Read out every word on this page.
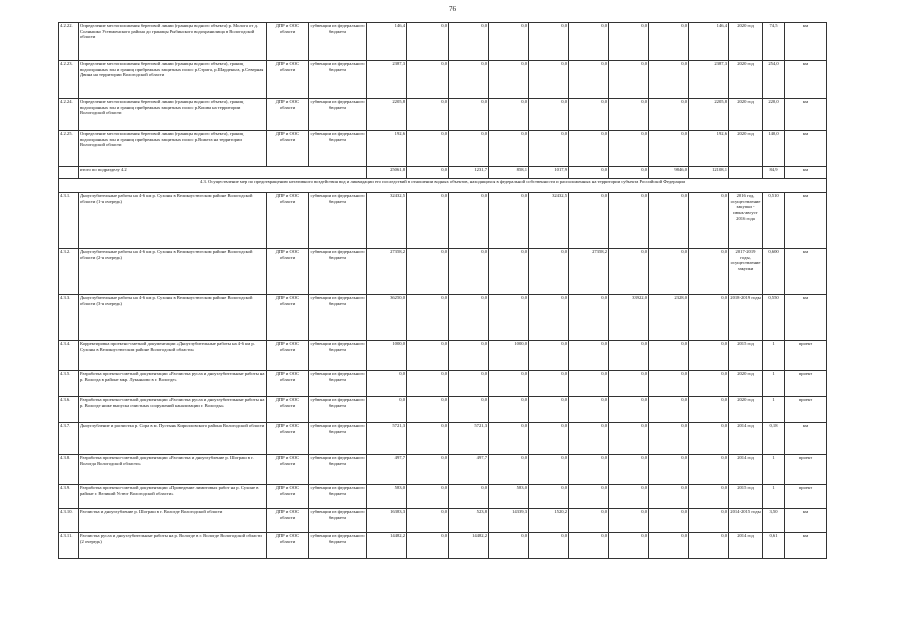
76
4.2.22.	Определение местоположения береговой линии (границы водного объекта) р. Молога от д. Солнышко Устюженского района до границы Рыбинского водохранилища в Вологодской области	ДПР и ООС области	субвенции из федерального бюджета	146,4	0,0	0,0	0,0	0,0	0,0	0,0	0,0	146,4	2020 год	74,5	км
4.2.23.	Определение местоположения береговой линии (границы водного объекта), границ водоохранных зон и границ прибрежных защитных полос р.Стрига, р.Шарденьга, р.Северная Двина на территории Вологодской области	ДПР и ООС области	субвенции из федерального бюджета	2387,3	0,0	0,0	0,0	0,0	0,0	0,0	0,0	2387,3	2020 год	254,0	км
4.2.24.	Определение местоположения береговой линии (границы водного объекта), границ водоохранных зон и границ прибрежных защитных полос р.Кошва на территории Вологодской области	ДПР и ООС области	субвенции из федерального бюджета	2205,8	0,0	0,0	0,0	0,0	0,0	0,0	0,0	2205,8	2020 год	220,0	км
4.2.25.	Определение местоположения береговой линии (границы водного объекта), границ водоохранных зон и границ прибрежных защитных полос р.Вожега на территории Вологодской области	ДПР и ООС области	субвенции из федерального бюджета	192,6	0,0	0,0	0,0	0,0	0,0	0,0	0,0	192,6	2020 год	140,0	км
	итого по подразделу 4.2			25061,8	0,0	1231,7	858,1	1017,9	0,0	0,0	9846,0	12108,1		84,9	км
4.3. Осуществление мер по предотвращению негативного воздействия вод и ликвидации его последствий в отношении водных объектов, находящихся в федеральной собственности и расположенных на территории субъекта Российской Федерации															
4.3.1.	Дноуглубительные работы на 4-6 км р. Сухоны в Великоустюгском районе Вологодской области (1-я очередь)	ДПР и ООС области	субвенции из федерального бюджета	32432,5	0,0	0,0	0,0	32432,5	0,0	0,0	0,0	0,0	2016 год, осуществление закупки - июнь-август 2016 года	0,510	км
4.3.2.	Дноуглубительные работы на 4-6 км р. Сухоны в Великоустюгском районе Вологодской области (2-я очередь)	ДПР и ООС области	субвенции из федерального бюджета	27358,2	0,0	0,0	0,0	0,0	27358,2	0,0	0,0	0,0	2017-2019 годы, осуществление закупки	0,600	км
4.3.3.	Дноуглубительные работы на 4-6 км р. Сухоны в Великоустюгском районе Вологодской области (3-я очередь)	ДПР и ООС области	субвенции из федерального бюджета	36250,0	0,0	0,0	0,0	0,0	0,0	33922,0	2328,0	0,0	2018-2019 годы	0,550	км
4.3.4.	Корректировка проектно-сметной документации «Дноуглубительные работы на 4-6 км р. Сухоны в Великоустюгском районе Вологодской области»	ДПР и ООС области	субвенции из федерального бюджета	1000,0	0,0	0,0	1000,0	0,0	0,0	0,0	0,0	0,0	2015 год	1	проект
4.3.5.	Разработка проектно-сметной документации «Расчистка русла и дноуглубительные работы на р. Вологда в районе мкр. Лукьяново в г. Вологде»	ДПР и ООС области	субвенции из федерального бюджета	0,0	0,0	0,0	0,0	0,0	0,0	0,0	0,0	0,0	2020 год	1	проект
4.3.6.	Разработка проектно-сметной документации «Расчистка русла и дноуглубительные работы на р. Вологде ниже выпуска очистных сооружений канализации г. Вологды»	ДПР и ООС области	субвенции из федерального бюджета	0,0	0,0	0,0	0,0	0,0	0,0	0,0	0,0	0,0	2020 год	1	проект
4.3.7.	Дноуглубление и расчистка р. Сора в м. Пустынь Кирилловского района Вологодской области	ДПР и ООС области	субвенции из федерального бюджета	5721,3	0,0	5721,3	0,0	0,0	0,0	0,0	0,0	0,0	2014 год	0,18	км
4.3.8.	Разработка проектно-сметной документации «Расчистка и дноуглубление р. Шограш в г. Вологда Вологодской области»	ДПР и ООС области	субвенции из федерального бюджета	497,7	0,0	497,7	0,0	0,0	0,0	0,0	0,0	0,0	2014 год	1	проект
4.3.9.	Разработка проектно-сметной документации «Проведение лимитовых работ на р. Сухоне в районе г. Великий Устюг Вологодской области»	ДПР и ООС области	субвенции из федерального бюджета	583,0	0,0	0,0	583,0	0,0	0,0	0,0	0,0	0,0	2015 год	1	проект
4.3.10.	Расчистка и дноуглубление р. Шограш в г. Вологде Вологодской области	ДПР и ООС области	субвенции из федерального бюджета	16383,3	0,0	523,8	14339,3	1520,2	0,0	0,0	0,0	0,0	2014-2015 годы	3,50	км
4.3.11.	Расчистка русла и дноуглубительные работы на р. Вологде в г. Вологде Вологодской области (2 очередь)	ДПР и ООС области	субвенции из федерального бюджета	14482,2	0,0	14482,2	0,0	0,0	0,0	0,0	0,0	0,0	2014 год	0,61	км
